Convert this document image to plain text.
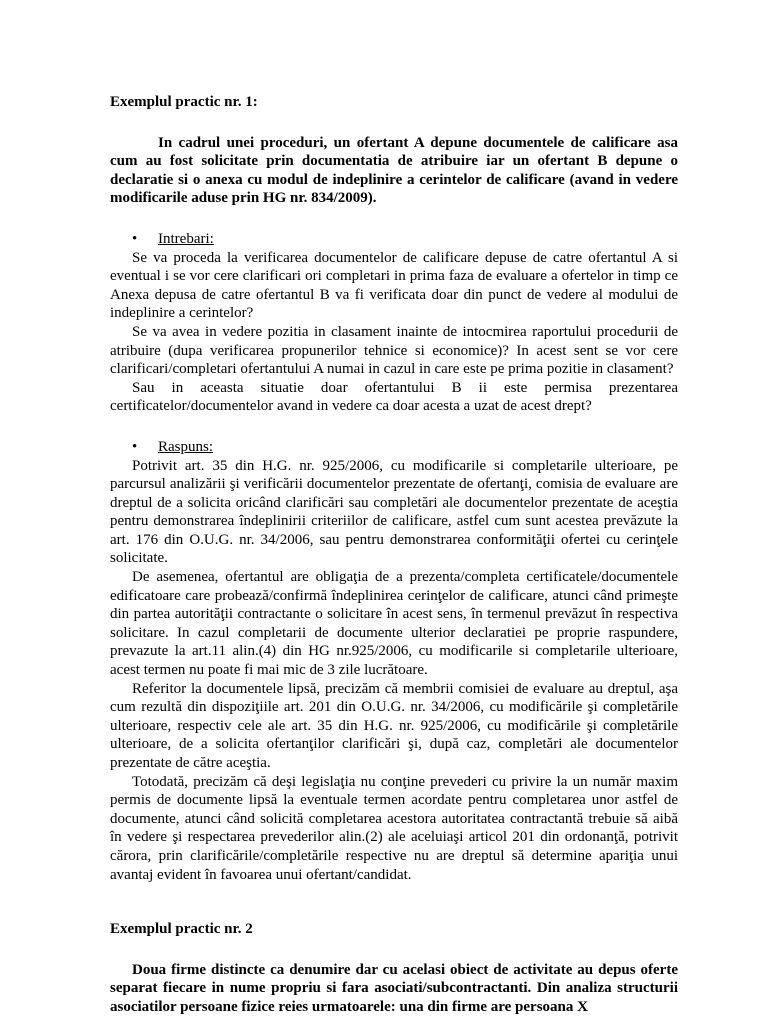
Exemplul practic nr. 1:

In cadrul unei proceduri, un ofertant A depune documentele de calificare asa cum au fost solicitate prin documentatia de atribuire iar un ofertant B depune o declaratie si o anexa cu modul de indeplinire a cerintelor de calificare (avand in vedere modificarile aduse prin HG nr. 834/2009).

• Intrebari:

Se va proceda la verificarea documentelor de calificare depuse de catre ofertantul A si eventual i se vor cere clarificari ori completari in prima faza de evaluare a ofertelor in timp ce Anexa depusa de catre ofertantul B va fi verificata doar din punct de vedere al modului de indeplinire a cerintelor?

Se va avea in vedere pozitia in clasament inainte de intocmirea raportului procedurii de atribuire (dupa verificarea propunerilor tehnice si economice)? In acest sent se vor cere clarificari/completari ofertantului A numai in cazul in care este pe prima pozitie in clasament?

Sau in aceasta situatie doar ofertantului B ii este permisa prezentarea certificatelor/documentelor avand in vedere ca doar acesta a uzat de acest drept?

• Raspuns:

Potrivit art. 35 din H.G. nr. 925/2006, cu modificarile si completarile ulterioare, pe parcursul analizării şi verificării documentelor prezentate de ofertanţi, comisia de evaluare are dreptul de a solicita oricând clarificări sau completări ale documentelor prezentate de aceştia pentru demonstrarea îndeplinirii criteriilor de calificare, astfel cum sunt acestea prevăzute la art. 176 din O.U.G. nr. 34/2006, sau pentru demonstrarea conformităţii ofertei cu cerinţele solicitate.

De asemenea, ofertantul are obligaţia de a prezenta/completa certificatele/documentele edificatoare care probează/confirmă îndeplinirea cerinţelor de calificare, atunci când primeşte din partea autorităţii contractante o solicitare în acest sens, în termenul prevăzut în respectiva solicitare. In cazul completarii de documente ulterior declaratiei pe proprie raspundere, prevazute la art.11 alin.(4) din HG nr.925/2006, cu modificarile si completarile ulterioare, acest termen nu poate fi mai mic de 3 zile lucrătoare.

Referitor la documentele lipsă, precizăm că membrii comisiei de evaluare au dreptul, aşa cum rezultă din dispoziţiile art. 201 din O.U.G. nr. 34/2006, cu modificările şi completările ulterioare, respectiv cele ale art. 35 din H.G. nr. 925/2006, cu modificările şi completările ulterioare, de a solicita ofertanţilor clarificări şi, după caz, completări ale documentelor prezentate de către aceştia.

Totodată, precizăm că deşi legislaţia nu conţine prevederi cu privire la un număr maxim permis de documente lipsă la eventuale termen acordate pentru completarea unor astfel de documente, atunci când solicită completarea acestora autoritatea contractantă trebuie să aibă în vedere şi respectarea prevederilor alin.(2) ale aceluiaşi articol 201 din ordonanţă, potrivit cărora, prin clarificările/completările respective nu are dreptul să determine apariţia unui avantaj evident în favoarea unui ofertant/candidat.

Exemplul practic nr. 2

Doua firme distincte ca denumire dar cu acelasi obiect de activitate au depus oferte separat fiecare in nume propriu si fara asociati/subcontractanti. Din analiza structurii asociatilor persoane fizice reies urmatoarele: una din firme are persoana X
